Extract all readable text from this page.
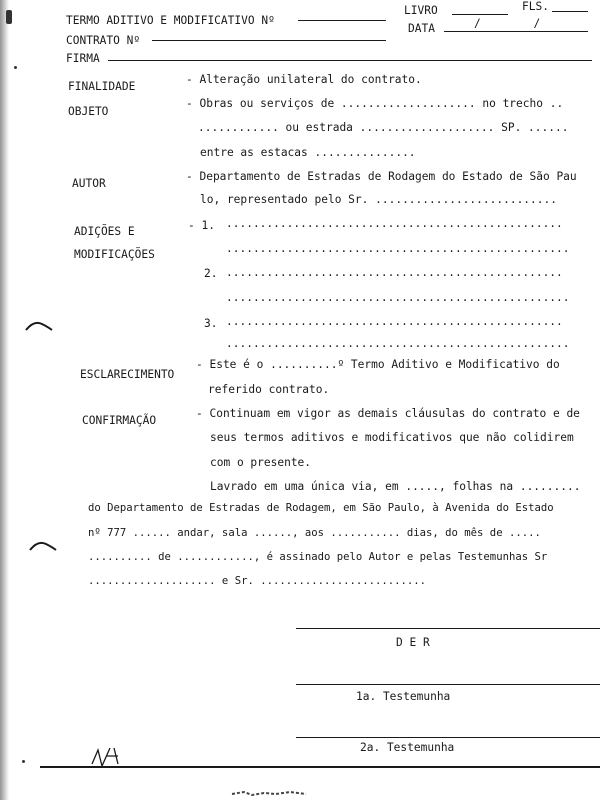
TERMO ADITIVO E MODIFICATIVO Nº
LIVRO	FLS.
CONTRATO Nº
DATA	/ /
FIRMA
FINALIDADE
- Alteração unilateral do contrato.
OBJETO
- Obras ou serviços de .................... no trecho ..
............ ou estrada .................... SP. ......
entre as estacas ...............
AUTOR
- Departamento de Estradas de Rodagem do Estado de São Pau
lo, representado pelo Sr. ...........................
ADIÇÕES E
MODIFICAÇÕES
- 1. ..................................................
...................................................
2. ..................................................
...................................................
3. ..................................................
...................................................
ESCLARECIMENTO
- Este é o ..........º Termo Aditivo e Modificativo do
referido contrato.
CONFIRMAÇÃO
- Continuam em vigor as demais cláusulas do contrato e de
seus termos aditivos e modificativos que não colidirem
com o presente.
Lavrado em uma única via, em ....., folhas na .........
do Departamento de Estradas de Rodagem, em São Paulo, à Avenida do Estado
nº 777 ...... andar, sala ......, aos ........... dias, do mês de .....
.......... de ............, é assinado pelo Autor e pelas Testemunhas Sr
.................... e Sr. ..........................
D E R
1a. Testemunha
2a. Testemunha
